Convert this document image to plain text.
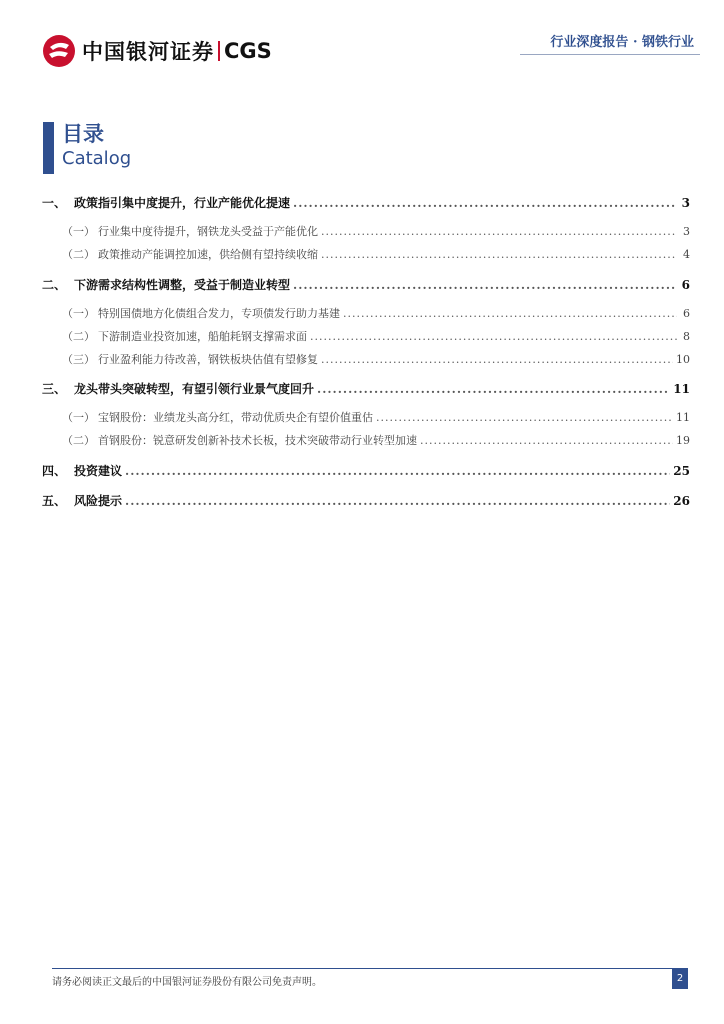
中国银河证券 CGS	行业深度报告 · 钢铁行业
目录
Catalog
一、 政策指引集中度提升，行业产能优化提速 .....	3
（一） 行业集中度待提升，钢铁龙头受益于产能优化 .....	3
（二） 政策推动产能调控加速，供给侧有望持续收缩 .....	4
二、 下游需求结构性调整，受益于制造业转型 .....	6
（一） 特别国债地方化债组合发力，专项债发行助力基建 .....	6
（二） 下游制造业投资加速，船舶耗钢支撑需求面 .....	8
（三） 行业盈利能力待改善，钢铁板块估值有望修复 .....	10
三、 龙头带头突破转型，有望引领行业景气度回升 .....	11
（一） 宝钢股份：业绩龙头高分红，带动优质央企有望价值重估 .....	11
（二） 首钢股份：锐意研发创新补技术长板，技术突破带动行业转型加速 .....	19
四、 投资建议 .....	25
五、 风险提示 .....	26
请务必阅读正文最后的中国银河证券股份有限公司免责声明。	2
